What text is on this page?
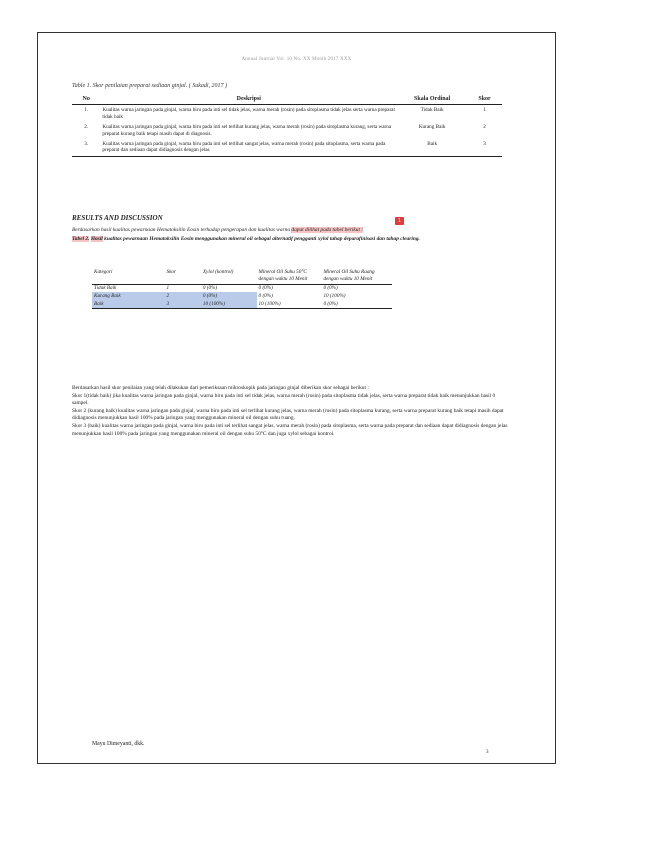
Annual Journal Vol. 10 No. XX Month 2017 XXX
Table 1. Skor penilaian preparat sediaan ginjal. ( Sukadi, 2017 )
No	Deskripsi	Skala Ordinal	Skor
1.	Kualitas warna jaringan pada ginjal, warna biru pada inti sel tidak jelas, warna merah (rosin) pada sitoplasma tidak jelas serta warna preparat tidak baik	Tidak Baik	1
2.	Kualitas warna jaringan pada ginjal, warna biru pada inti sel terlihat kurang jelas, warna merah (rosin) pada sitoplasma kurang, serta warna preparat kurang baik tetapi masih dapat di diagnosis.	Kurang Baik	2
3.	Kualitas warna jaringan pada ginjal, warna biru pada inti sel terlihat sangat jelas, warna merah (rosin) pada sitoplasma, serta warna pada preparat dan sediaan dapat didiagnosis dengan jelas	Baik	3
RESULTS AND DISCUSSION	1
Berdasarkan hasil kualitas pewarnaan Hematoksilin Eosin terhadap pengerapan dan kualitas warna dapat dilihat pada tabel berikut :
Tabel 2. Hasil kualitas pewarnaan Hematoksilin Eosin menggunakan mineral oil sebagai alternatif pengganti xylol tahap deparafinisasi dan tahap clearing.
Kategori	Skor	Xylol (kontrol)	Mineral Oil Suhu 50°C dengan waktu 10 Menit	Mineral Oil Suhu Ruang dengan waktu 10 Menit
Tidak Baik	1	0 (0%)	0 (0%)	0 (0%)
Kurang Baik	2	0 (0%)	0 (0%)	10 (100%)
Baik	3	10 (100%)	10 (100%)	0 (0%)

Berdasarkan hasil skor penilaian yang telah dilakukan dari pemeriksaan mikroskopik pada jaringan ginjal diberikan skor sebagai berikut :

Skor 1(tidak baik) jika kualitas warna jaringan pada ginjal, warna biru pada inti sel tidak jelas, warna merah (rosin) pada sitoplasma tidak jelas, serta warna preparat tidak baik menunjukkan hasil 0 sampel.

Skor 2 (kurang baik) kualitas warna jaringan pada ginjal, warna biru pada inti sel terlihat kurang jelas, warna merah (rosin) pada sitoplasma kurang, serta warna preparat kurang baik tetapi masih dapat didiagnosis menunjukkan hasil 100% pada jaringan yang menggunakan mineral oil dengan suhu ruang.

Skor 3 (baik) kualitas warna jaringan pada ginjal, warna biru pada inti sel terlihat sangat jelas, warna merah (rosin) pada sitoplasma, serta warna pada preparat dan sediaan dapat didiagnosis dengan jelas menunjukkan hasil 100% pada jaringan yang menggunakan mineral oil dengan suhu 50°C dan juga xylol sebagai kontrol.

Mayu Dimeyanti, dkk.
3
